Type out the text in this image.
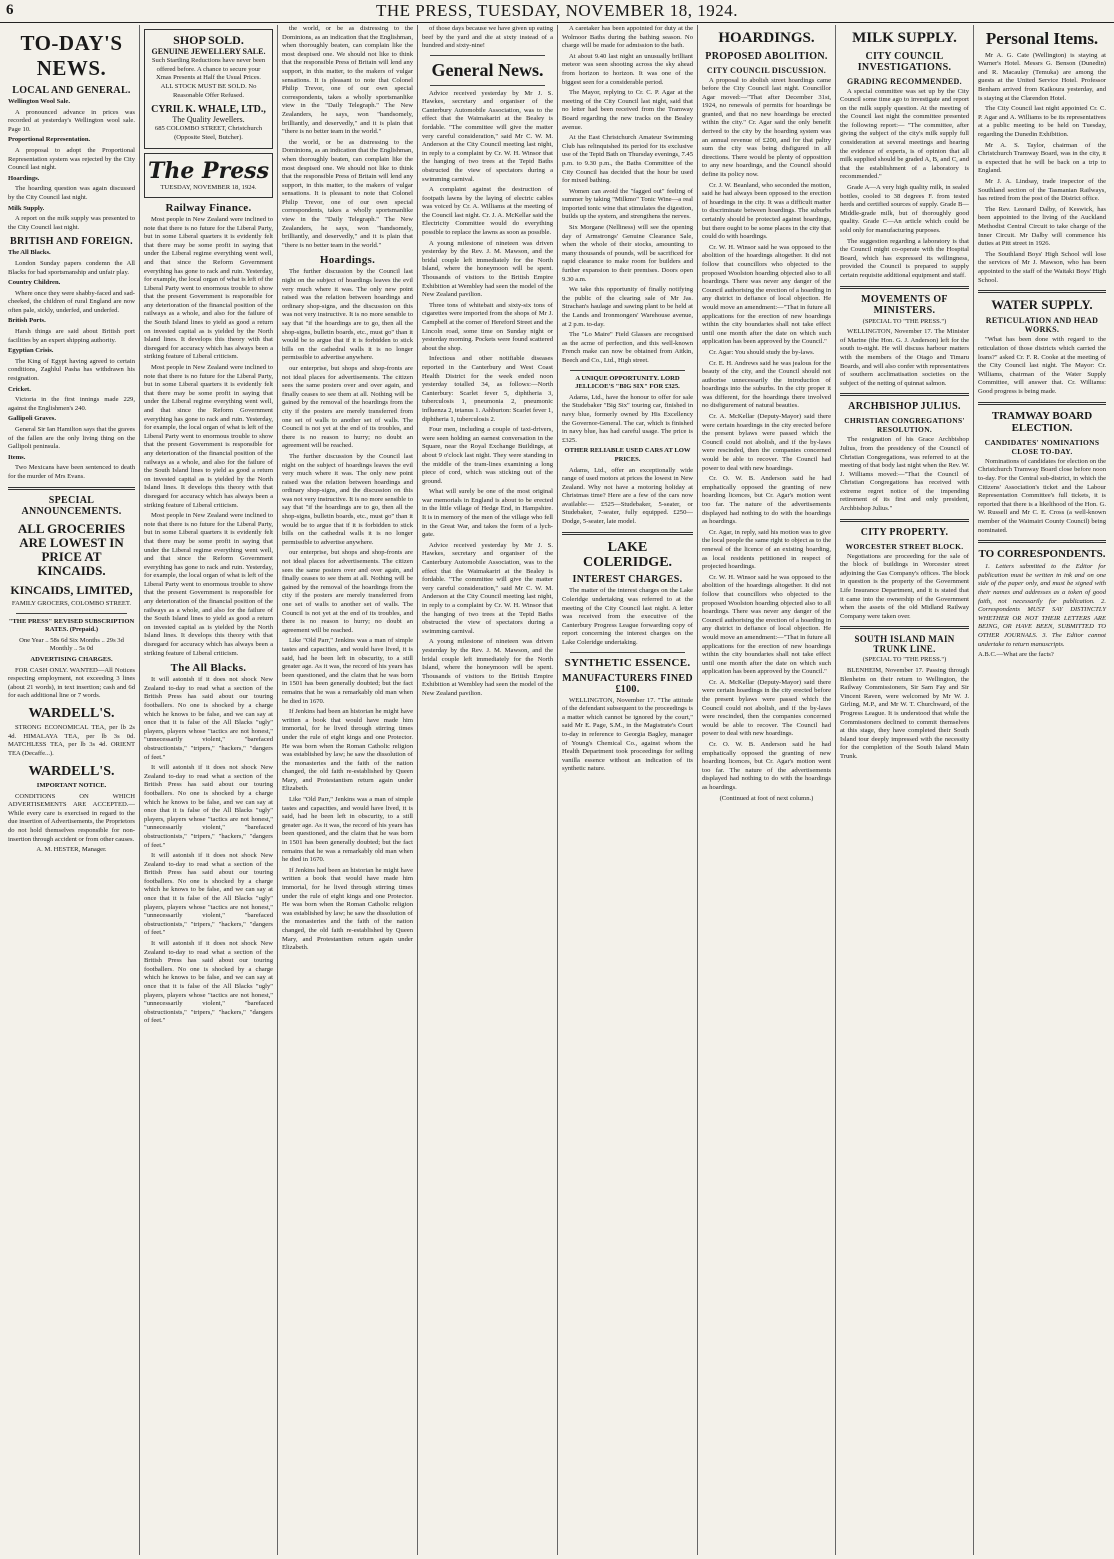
6	THE PRESS, TUESDAY, NOVEMBER 18, 1924.
TO-DAY'S NEWS.
LOCAL AND GENERAL.
Wellington Wool Sale.
A pronounced advance in prices was recorded at yesterday's Wellington wool sale. Page 10.
Proportional Representation.
A proposal to adopt the Proportional Representation system was rejected by the City Council last night.
Hoardings.
The hoarding question was again discussed by the City Council last night.
Milk Supply.
A report on the milk supply was presented to the City Council last night.
BRITISH AND FOREIGN.
The All Blacks.
London Sunday papers condemn the All Blacks for bad sportsmanship and unfair play.
Country Children.
Where once they were shabby-faced and sad-cheeked, the children of rural England are now often pale, sickly, underfed, and underfed.
British Ports.
Harsh things are said about British port facilities by an expert shipping authority.
Egyptian Crisis.
The King of Egypt having agreed to certain conditions, Zaghlul Pasha has withdrawn his resignation.
Cricket.
Victoria in the first innings made 229, against the Englishmen's 240.
Gallipoli Graves.
General Sir Ian Hamilton says that the graves of the fallen are the only living thing on the Gallipoli peninsula.
Items.
Two Mexicans have been sentenced to death for the murder of Mrs Evans.
SPECIAL ANNOUNCEMENTS.
ALL GROCERIES ARE LOWEST IN PRICE AT KINCAIDS.
KINCAIDS, LIMITED,
FAMILY GROCERS, COLOMBO STREET.
"THE PRESS" REVISED SUBSCRIPTION RATES. (Prepaid.)
One Year .. 58s 6d Six Months .. 29s 3d Monthly .. 5s 0d
ADVERTISING CHARGES.
FOR CASH ONLY. WANTED—All Notices respecting employment, not exceeding 3 lines (about 21 words), in text insertion; cash and 6d for each additional line or 7 words.
WARDELL'S.
STRONG ECONOMICAL TEA, per lb 2s 4d. HIMALAYA TEA, per lb 3s 0d. MATCHLESS TEA, per lb 3s 4d. ORIENT TEA (Decaffe...).
WARDELL'S.
IMPORTANT NOTICE.
CONDITIONS ON WHICH ADVERTISEMENTS ARE ACCEPTED.—While every care is exercised in regard to the due insertion of Advertisements, the Proprietors do not hold themselves responsible for non-insertion through accident or from other causes.
A. M. HESTER, Manager.
SHOP SOLD.
GENUINE JEWELLERY SALE.
Such Startling Reductions have never been offered before. A chance to secure your Xmas Presents at Half the Usual Prices. ALL STOCK MUST BE SOLD. No Reasonable Offer Refused.
CYRIL K. WHALE, LTD.,
The Quality Jewellers.
685 COLOMBO STREET, Christchurch (Opposite Steel, Butcher).
The Press
TUESDAY, NOVEMBER 18, 1924.
Railway Finance.

Most people in New Zealand were inclined to note that there is no future for the Liberal Party, but in some Liberal quarters it is evidently felt that there may be some profit in saying that under the Liberal regime everything went well, and that since the Reform Government everything has gone to rack and ruin. Yesterday, for example, the local organ of what is left of the Liberal Party went to enormous trouble to show that the present Government is responsible for any deterioration of the financial position of the railways as a whole, and also for the failure of the South Island lines to yield as good a return on invested capital as is yielded by the North Island lines. It develops this theory with that disregard for accuracy which has always been a striking feature of Liberal criticism.

Most people in New Zealand were inclined to note that there is no future for the Liberal Party, but in some Liberal quarters it is evidently felt that there may be some profit in saying that under the Liberal regime everything went well, and that since the Reform Government everything has gone to rack and ruin. Yesterday, for example, the local organ of what is left of the Liberal Party went to enormous trouble to show that the present Government is responsible for any deterioration of the financial position of the railways as a whole, and also for the failure of the South Island lines to yield as good a return on invested capital as is yielded by the North Island lines. It develops this theory with that disregard for accuracy which has always been a striking feature of Liberal criticism.

Most people in New Zealand were inclined to note that there is no future for the Liberal Party, but in some Liberal quarters it is evidently felt that there may be some profit in saying that under the Liberal regime everything went well, and that since the Reform Government everything has gone to rack and ruin. Yesterday, for example, the local organ of what is left of the Liberal Party went to enormous trouble to show that the present Government is responsible for any deterioration of the financial position of the railways as a whole, and also for the failure of the South Island lines to yield as good a return on invested capital as is yielded by the North Island lines. It develops this theory with that disregard for accuracy which has always been a striking feature of Liberal criticism.

The All Blacks.

It will astonish if it does not shock New Zealand to-day to read what a section of the British Press has said about our touring footballers. No one is shocked by a charge which he knows to be false, and we can say at once that it is false of the All Blacks "ugly" players, players whose "tactics are not honest," "unnecessarily violent," "barefaced obstructionists," "tripers," "hackers," "dangers of feet."

It will astonish if it does not shock New Zealand to-day to read what a section of the British Press has said about our touring footballers. No one is shocked by a charge which he knows to be false, and we can say at once that it is false of the All Blacks "ugly" players, players whose "tactics are not honest," "unnecessarily violent," "barefaced obstructionists," "tripers," "hackers," "dangers of feet."

It will astonish if it does not shock New Zealand to-day to read what a section of the British Press has said about our touring footballers. No one is shocked by a charge which he knows to be false, and we can say at once that it is false of the All Blacks "ugly" players, players whose "tactics are not honest," "unnecessarily violent," "barefaced obstructionists," "tripers," "hackers," "dangers of feet."

It will astonish if it does not shock New Zealand to-day to read what a section of the British Press has said about our touring footballers. No one is shocked by a charge which he knows to be false, and we can say at once that it is false of the All Blacks "ugly" players, players whose "tactics are not honest," "unnecessarily violent," "barefaced obstructionists," "tripers," "hackers," "dangers of feet."

the world, or be as distressing to the Dominions, as an indication that the Englishman, when thoroughly beaten, can complain like the most despised one. We should not like to think that the responsible Press of Britain will lend any support, in this matter, to the makers of vulgar sensations. It is pleasant to note that Colonel Philip Trevor, one of our own special correspondents, takes a wholly sportsmanlike view in the "Daily Telegraph." The New Zealanders, he says, won "handsomely, brilliantly, and deservedly," and it is plain that "there is no better team in the world."

the world, or be as distressing to the Dominions, as an indication that the Englishman, when thoroughly beaten, can complain like the most despised one. We should not like to think that the responsible Press of Britain will lend any support, in this matter, to the makers of vulgar sensations. It is pleasant to note that Colonel Philip Trevor, one of our own special correspondents, takes a wholly sportsmanlike view in the "Daily Telegraph." The New Zealanders, he says, won "handsomely, brilliantly, and deservedly," and it is plain that "there is no better team in the world."

Hoardings.

The further discussion by the Council last night on the subject of hoardings leaves the evil very much where it was. The only new point raised was the relation between hoardings and ordinary shop-signs, and the discussion on this was not very instructive. It is no more sensible to say that "if the hoardings are to go, then all the shop-signs, bulletin boards, etc., must go" than it would be to argue that if it is forbidden to stick bills on the cathedral walls it is no longer permissible to advertise anywhere.

our enterprise, but shops and shop-fronts are not ideal places for advertisements. The citizen sees the same posters over and over again, and finally ceases to see them at all. Nothing will be gained by the removal of the hoardings from the city if the posters are merely transferred from one set of walls to another set of walls. The Council is not yet at the end of its troubles, and there is no reason to hurry; no doubt an agreement will be reached.

The further discussion by the Council last night on the subject of hoardings leaves the evil very much where it was. The only new point raised was the relation between hoardings and ordinary shop-signs, and the discussion on this was not very instructive. It is no more sensible to say that "if the hoardings are to go, then all the shop-signs, bulletin boards, etc., must go" than it would be to argue that if it is forbidden to stick bills on the cathedral walls it is no longer permissible to advertise anywhere.

our enterprise, but shops and shop-fronts are not ideal places for advertisements. The citizen sees the same posters over and over again, and finally ceases to see them at all. Nothing will be gained by the removal of the hoardings from the city if the posters are merely transferred from one set of walls to another set of walls. The Council is not yet at the end of its troubles, and there is no reason to hurry; no doubt an agreement will be reached.

Like "Old Parr," Jenkins was a man of simple tastes and capacities, and would have lived, it is said, had he been left in obscurity, to a still greater age. As it was, the record of his years has been questioned, and the claim that he was born in 1501 has been generally doubted; but the fact remains that he was a remarkably old man when he died in 1670.

If Jenkins had been an historian he might have written a book that would have made him immortal, for he lived through stirring times under the rule of eight kings and one Protector. He was born when the Roman Catholic religion was established by law; he saw the dissolution of the monasteries and the faith of the nation changed, the old faith re-established by Queen Mary, and Protestantism return again under Elizabeth.

Like "Old Parr," Jenkins was a man of simple tastes and capacities, and would have lived, it is said, had he been left in obscurity, to a still greater age. As it was, the record of his years has been questioned, and the claim that he was born in 1501 has been generally doubted; but the fact remains that he was a remarkably old man when he died in 1670.

If Jenkins had been an historian he might have written a book that would have made him immortal, for he lived through stirring times under the rule of eight kings and one Protector. He was born when the Roman Catholic religion was established by law; he saw the dissolution of the monasteries and the faith of the nation changed, the old faith re-established by Queen Mary, and Protestantism return again under Elizabeth.

of those days because we have given up eating beef by the yard and die at sixty instead of a hundred and sixty-nine!

General News.

Advice received yesterday by Mr J. S. Hawkes, secretary and organiser of the Canterbury Automobile Association, was to the effect that the Waimakariri at the Bealey is fordable. "The committee will give the matter very careful consideration," said Mr C. W. M. Anderson at the City Council meeting last night, in reply to a complaint by Cr. W. H. Winsor that the hanging of two trees at the Tepid Baths obstructed the view of spectators during a swimming carnival.

A complaint against the destruction of footpath lawns by the laying of electric cables was voiced by Cr. A. Williams at the meeting of the Council last night. Cr. J. A. McKellar said the Electricity Committee would do everything possible to replace the lawns as soon as possible.

A young milestone of nineteen was driven yesterday by the Rev. J. M. Mawson, and the bridal couple left immediately for the North Island, where the honeymoon will be spent. Thousands of visitors to the British Empire Exhibition at Wembley had seen the model of the New Zealand pavilion.

Three tons of whitebait and sixty-six tons of cigarettes were imported from the shops of Mr J. Campbell at the corner of Hereford Street and the Lincoln road, some time on Sunday night or yesterday morning. Pockets were found scattered about the shop.

Infectious and other notifiable diseases reported in the Canterbury and West Coast Health District for the week ended noon yesterday totalled 34, as follows:—North Canterbury: Scarlet fever 5, diphtheria 3, tuberculosis 1, pneumonia 2, pneumonic influenza 2, tetanus 1. Ashburton: Scarlet fever 1, diphtheria 1, tuberculosis 2.

Four men, including a couple of taxi-drivers, were seen holding an earnest conversation in the Square, near the Royal Exchange Buildings, at about 9 o'clock last night. They were standing in the middle of the tram-lines examining a long piece of cord, which was sticking out of the ground.

What will surely be one of the most original war memorials in England is about to be erected in the little village of Hedge End, in Hampshire. It is in memory of the men of the village who fell in the Great War, and takes the form of a lych-gate.

Advice received yesterday by Mr J. S. Hawkes, secretary and organiser of the Canterbury Automobile Association, was to the effect that the Waimakariri at the Bealey is fordable. "The committee will give the matter very careful consideration," said Mr C. W. M. Anderson at the City Council meeting last night, in reply to a complaint by Cr. W. H. Winsor that the hanging of two trees at the Tepid Baths obstructed the view of spectators during a swimming carnival.

A young milestone of nineteen was driven yesterday by the Rev. J. M. Mawson, and the bridal couple left immediately for the North Island, where the honeymoon will be spent. Thousands of visitors to the British Empire Exhibition at Wembley had seen the model of the New Zealand pavilion.

A caretaker has been appointed for duty at the Wolmoor Baths during the bathing season. No charge will be made for admission to the bath.

At about 9.40 last night an unusually brilliant meteor was seen shooting across the sky ahead from horizon to horizon. It was one of the biggest seen for a considerable period.

The Mayor, replying to Cr. C. P. Agar at the meeting of the City Council last night, said that no letter had been received from the Tramway Board regarding the new tracks on the Bealey avenue.

At the East Christchurch Amateur Swimming Club has relinquished its period for its exclusive use of the Tepid Bath on Thursday evenings, 7.45 p.m. to 9.30 p.m., the Baths Committee of the City Council has decided that the hour be used for mixed bathing.

Women can avoid the "fagged out" feeling of summer by taking "Milkmo" Tonic Wine—a real imported tonic wine that stimulates the digestion, builds up the system, and strengthens the nerves.

Six Morgane (Nelliness) will see the opening day of Armstrongs' Genuine Clearance Sale, when the whole of their stocks, amounting to many thousands of pounds, will be sacrificed for rapid clearance to make room for builders and further expansion to their premises. Doors open 9.30 a.m.

We take this opportunity of finally notifying the public of the clearing sale of Mr Jas. Strachan's haulage and sawing plant to be held at the Lands and Ironmongers' Warehouse avenue, at 2 p.m. to-day.

The "Lo Maire" Field Glasses are recognised as the acme of perfection, and this well-known French make can now be obtained from Aitkin, Beech and Co., Ltd., High street.

A UNIQUE OPPORTUNITY. LORD JELLICOE'S "BIG SIX" FOR £325.

Adams, Ltd., have the honour to offer for sale the Studebaker "Big Six" touring car, finished in navy blue, formerly owned by His Excellency the Governor-General. The car, which is finished in navy blue, has had careful usage. The price is £325.

OTHER RELIABLE USED CARS AT LOW PRICES.

Adams, Ltd., offer an exceptionally wide range of used motors at prices the lowest in New Zealand. Why not have a motoring holiday at Christmas time? Here are a few of the cars now available:— £525—Studebaker, 5-seater, or Studebaker, 7-seater, fully equipped. £250—Dodge, 5-seater, late model.

LAKE COLERIDGE.
INTEREST CHARGES.

The matter of the interest charges on the Lake Coleridge undertaking was referred to at the meeting of the City Council last night. A letter was received from the executive of the Canterbury Progress League forwarding copy of report concerning the interest charges on the Lake Coleridge undertaking.

SYNTHETIC ESSENCE.
MANUFACTURERS FINED £100.

WELLINGTON, November 17. "The attitude of the defendant subsequent to the proceedings is a matter which cannot be ignored by the court," said Mr E. Page, S.M., in the Magistrate's Court to-day in reference to Georgia Bagley, manager of Young's Chemical Co., against whom the Health Department took proceedings for selling vanilla essence without an indication of its synthetic nature.

HOARDINGS.
PROPOSED ABOLITION.
CITY COUNCIL DISCUSSION.

A proposal to abolish street hoardings came before the City Council last night. Councillor Agar moved:—"That after December 31st, 1924, no renewals of permits for hoardings be granted, and that no new hoardings be erected within the city." Cr. Agar said the only benefit derived to the city by the hoarding system was an annual revenue of £200, and for that paltry sum the city was being disfigured in all directions. There would be plenty of opposition to any new hoardings, and the Council should define its policy now.

Cr. J. W. Beanland, who seconded the motion, said he had always been opposed to the erection of hoardings in the city. It was a difficult matter to discriminate between hoardings. The suburbs certainly should be protected against hoardings, but there ought to be some places in the city that could do with hoardings.

Cr. W. H. Winsor said he was opposed to the abolition of the hoardings altogether. It did not follow that councillors who objected to the proposed Woolston hoarding objected also to all hoardings. There was never any danger of the Council authorising the erection of a hoarding in any district in defiance of local objection. He would move an amendment:—"That in future all applications for the erection of new hoardings within the city boundaries shall not take effect until one month after the date on which such application has been approved by the Council."

Cr. Agar: You should study the by-laws.

Cr. E. H. Andrews said he was jealous for the beauty of the city, and the Council should not authorise unnecessarily the introduction of hoardings into the suburbs. In the city proper it was different, for the hoardings there involved no disfigurement of natural beauties.

Cr. A. McKellar (Deputy-Mayor) said there were certain hoardings in the city erected before the present bylaws were passed which the Council could not abolish, and if the by-laws were rescinded, then the companies concerned would be able to recover. The Council had power to deal with new hoardings.

Cr. O. W. B. Anderson said he had emphatically opposed the granting of new hoarding licences, but Cr. Agar's motion went too far. The nature of the advertisements displayed had nothing to do with the hoardings as hoardings.

Cr. Agar, in reply, said his motion was to give the local people the same right to object as to the renewal of the licence of an existing hoarding, as local residents petitioned in respect of projected hoardings.

Cr. W. H. Winsor said he was opposed to the abolition of the hoardings altogether. It did not follow that councillors who objected to the proposed Woolston hoarding objected also to all hoardings. There was never any danger of the Council authorising the erection of a hoarding in any district in defiance of local objection. He would move an amendment:—"That in future all applications for the erection of new hoardings within the city boundaries shall not take effect until one month after the date on which such application has been approved by the Council."

Cr. A. McKellar (Deputy-Mayor) said there were certain hoardings in the city erected before the present bylaws were passed which the Council could not abolish, and if the by-laws were rescinded, then the companies concerned would be able to recover. The Council had power to deal with new hoardings.

Cr. O. W. B. Anderson said he had emphatically opposed the granting of new hoarding licences, but Cr. Agar's motion went too far. The nature of the advertisements displayed had nothing to do with the hoardings as hoardings.

(Continued at foot of next column.)
MILK SUPPLY.
CITY COUNCIL INVESTIGATIONS.
GRADING RECOMMENDED.

A special committee was set up by the City Council some time ago to investigate and report on the milk supply question. At the meeting of the Council last night the committee presented the following report:— "The committee, after giving the subject of the city's milk supply full consideration at several meetings and hearing the evidence of experts, is of opinion that all milk supplied should be graded A, B, and C, and that the establishment of a laboratory is recommended."

Grade A—A very high quality milk, in sealed bottles, cooled to 38 degrees F. from tested herds and certified sources of supply. Grade B—Middle-grade milk, but of thoroughly good quality. Grade C—An article which could be sold only for manufacturing purposes.

The suggestion regarding a laboratory is that the Council might co-operate with the Hospital Board, which has expressed its willingness, provided the Council is prepared to supply certain requisite additional equipment and staff.

MOVEMENTS OF MINISTERS.
(SPECIAL TO "THE PRESS.")

WELLINGTON, November 17. The Minister of Marine (the Hon. G. J. Anderson) left for the south to-night. He will discuss harbour matters with the members of the Otago and Timaru Boards, and will also confer with representatives of southern acclimatisation societies on the subject of the netting of quinnat salmon.

ARCHBISHOP JULIUS.
CHRISTIAN CONGREGATIONS' RESOLUTION.

The resignation of his Grace Archbishop Julius, from the presidency of the Council of Christian Congregations, was referred to at the meeting of that body last night when the Rev. W. J. Williams moved:—"That the Council of Christian Congregations has received with extreme regret notice of the impending retirement of its first and only president, Archbishop Julius."

CITY PROPERTY.
WORCESTER STREET BLOCK.

Negotiations are proceeding for the sale of the block of buildings in Worcester street adjoining the Gas Company's offices. The block in question is the property of the Government Life Insurance Department, and it is stated that it came into the ownership of the Government when the assets of the old Midland Railway Company were taken over.

SOUTH ISLAND MAIN TRUNK LINE.
(SPECIAL TO "THE PRESS.")

BLENHEIM, November 17. Passing through Blenheim on their return to Wellington, the Railway Commissioners, Sir Sam Fay and Sir Vincent Raven, were welcomed by Mr W. J. Girling, M.P., and Mr W. T. Churchward, of the Progress League. It is understood that while the Commissioners declined to commit themselves at this stage, they have completed their South Island tour deeply impressed with the necessity for the completion of the South Island Main Trunk.

Personal Items.

Mr A. G. Cate (Wellington) is staying at Warner's Hotel. Messrs G. Benson (Dunedin) and R. Macaulay (Temuka) are among the guests at the United Service Hotel. Professor Benham arrived from Kaikoura yesterday, and is staying at the Clarendon Hotel.

The City Council last night appointed Cr. C. P. Agar and A. Williams to be its representatives at a public meeting to be held on Tuesday, regarding the Dunedin Exhibition.

Mr A. S. Taylor, chairman of the Christchurch Tramway Board, was in the city, it is expected that he will be back on a trip to England.

Mr J. A. Lindsay, trade inspector of the Southland section of the Tasmanian Railways, has retired from the post of the District office.

The Rev. Leonard Dalby, of Keswick, has been appointed to the living of the Auckland Methodist Central Circuit to take charge of the Inner Circuit. Mr Dalby will commence his duties at Pitt street in 1926.

The Southland Boys' High School will lose the services of Mr J. Mawson, who has been appointed to the staff of the Waitaki Boys' High School.

WATER SUPPLY.
RETICULATION AND HEAD WORKS.

"What has been done with regard to the reticulation of those districts which carried the loans?" asked Cr. F. R. Cooke at the meeting of the City Council last night. The Mayor: Cr. Williams, chairman of the Water Supply Committee, will answer that. Cr. Williams: Good progress is being made.

TRAMWAY BOARD ELECTION.
CANDIDATES' NOMINATIONS CLOSE TO-DAY.

Nominations of candidates for election on the Christchurch Tramway Board close before noon to-day. For the Central sub-district, in which the Citizens' Association's ticket and the Labour Representation Committee's full tickets, it is reported that there is a likelihood of the Hon. G. W. Russell and Mr C. E. Cross (a well-known member of the Waimairi County Council) being nominated.

TO CORRESPONDENTS.

1. Letters submitted to the Editor for publication must be written in ink and on one side of the paper only, and must be signed with their names and addresses as a token of good faith, not necessarily for publication. 2. Correspondents MUST SAY DISTINCTLY WHETHER OR NOT THEIR LETTERS ARE BEING, OR HAVE BEEN, SUBMITTED TO OTHER JOURNALS. 3. The Editor cannot undertake to return manuscripts.

A.B.C.—What are the facts?
